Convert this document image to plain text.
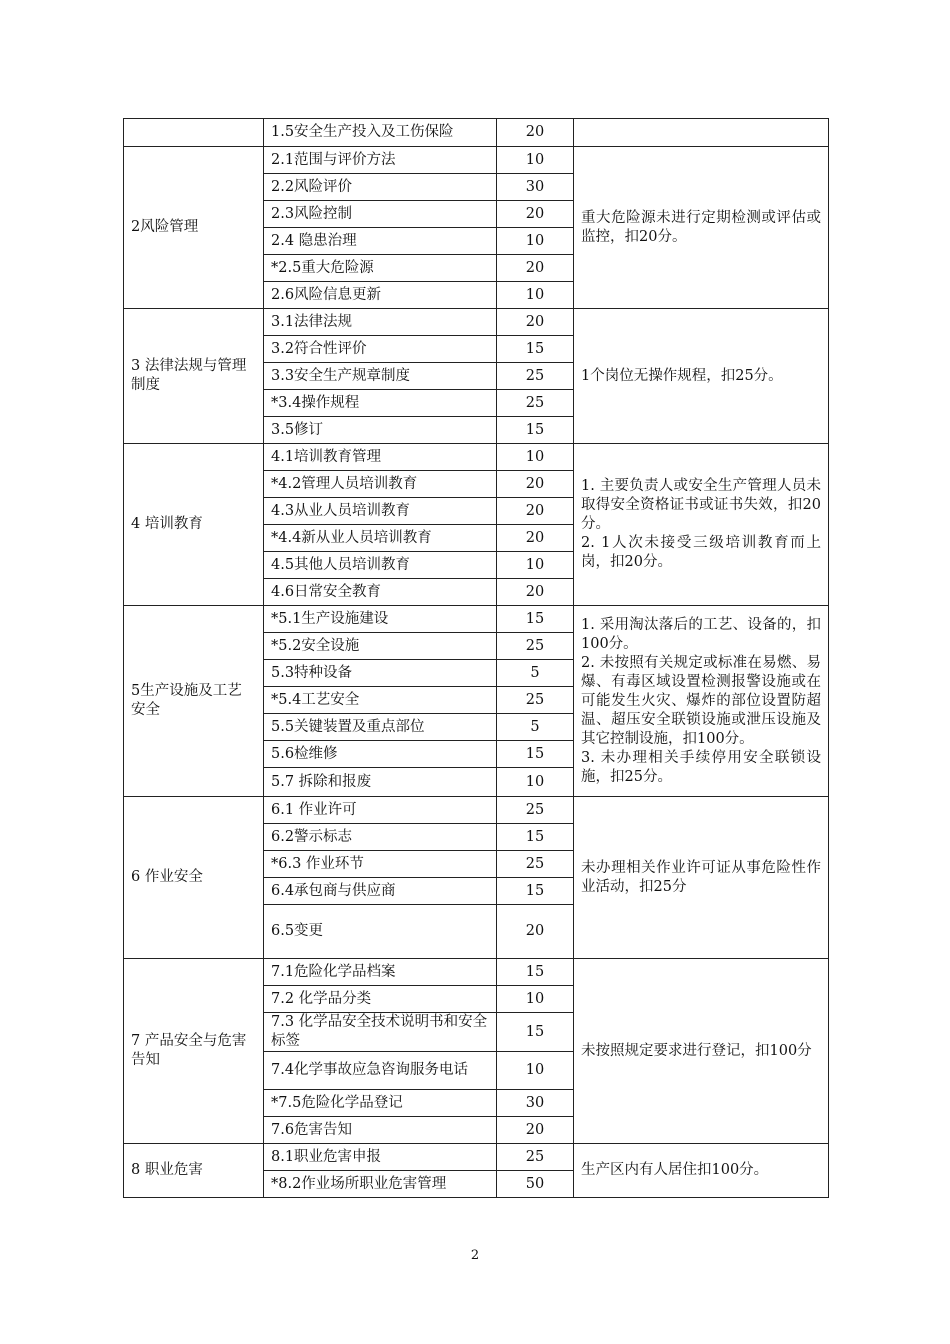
	1.5安全生产投入及工伤保险	20	
2风险管理	2.1范围与评价方法	10	重大危险源未进行定期检测或评估或监控，扣20分。

	2.2风险评价	30	
	2.3风险控制	20	
	2.4 隐患治理	10	
	*2.5重大危险源	20	
	2.6风险信息更新	10	
3 法律法规与管理制度	3.1法律法规	20	1个岗位无操作规程，扣25分。

	3.2符合性评价	15	
	3.3安全生产规章制度	25	
	*3.4操作规程	25	
	3.5修订	15	
4 培训教育	4.1培训教育管理	10	1. 主要负责人或安全生产管理人员未取得安全资格证书或证书失效，扣20分。
2. 1人次未接受三级培训教育而上岗，扣20分。

	*4.2管理人员培训教育	20	
	4.3从业人员培训教育	20	
	*4.4新从业人员培训教育	20	
	4.5其他人员培训教育	10	
	4.6日常安全教育	20	
5生产设施及工艺安全	*5.1生产设施建设	15	1. 采用淘汰落后的工艺、设备的，扣100分。
2. 未按照有关规定或标准在易燃、易爆、有毒区域设置检测报警设施或在可能发生火灾、爆炸的部位设置防超温、超压安全联锁设施或泄压设施及其它控制设施，扣100分。
3. 未办理相关手续停用安全联锁设施，扣25分。

	*5.2安全设施	25	
	5.3特种设备	5	
	*5.4工艺安全	25	
	5.5关键装置及重点部位	5	
	5.6检维修	15	
	5.7 拆除和报废	10	
6 作业安全	6.1 作业许可	25	未办理相关作业许可证从事危险性作业活动，扣25分

	6.2警示标志	15	
	*6.3 作业环节	25	
	6.4承包商与供应商	15	
	6.5变更	20	
7 产品安全与危害告知	7.1危险化学品档案	15	未按照规定要求进行登记，扣100分

	7.2 化学品分类	10	
	7.3 化学品安全技术说明书和安全标签	15	
	7.4化学事故应急咨询服务电话	10	
	*7.5危险化学品登记	30	
	7.6危害告知	20	
8 职业危害	8.1职业危害申报	25	生产区内有人居住扣100分。

	*8.2作业场所职业危害管理	50	
2
